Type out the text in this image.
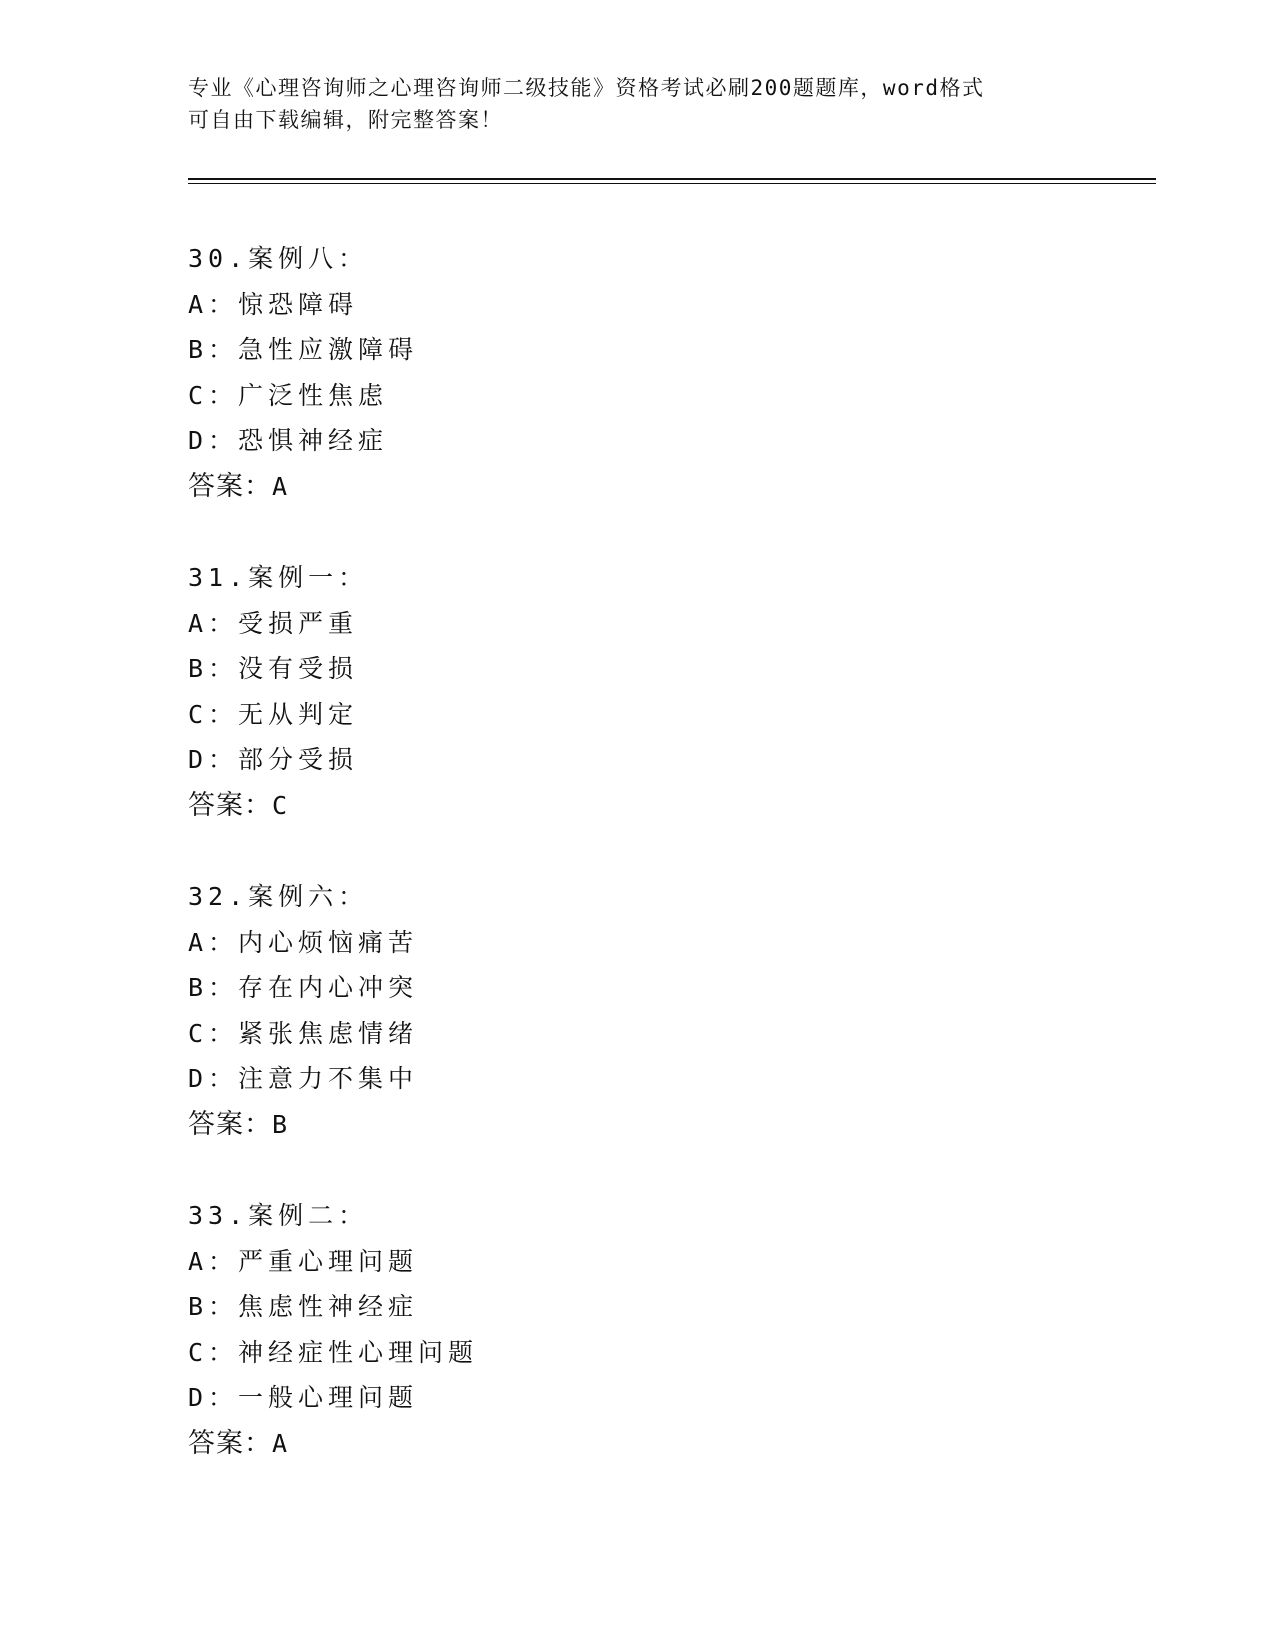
专业《心理咨询师之心理咨询师二级技能》资格考试必刷200题题库，word格式
可自由下载编辑，附完整答案！
30.案例八：
A：惊恐障碍
B：急性应激障碍
C：广泛性焦虑
D：恐惧神经症
答案：A
31.案例一：
A：受损严重
B：没有受损
C：无从判定
D：部分受损
答案：C
32.案例六：
A：内心烦恼痛苦
B：存在内心冲突
C：紧张焦虑情绪
D：注意力不集中
答案：B
33.案例二：
A：严重心理问题
B：焦虑性神经症
C：神经症性心理问题
D：一般心理问题
答案：A
